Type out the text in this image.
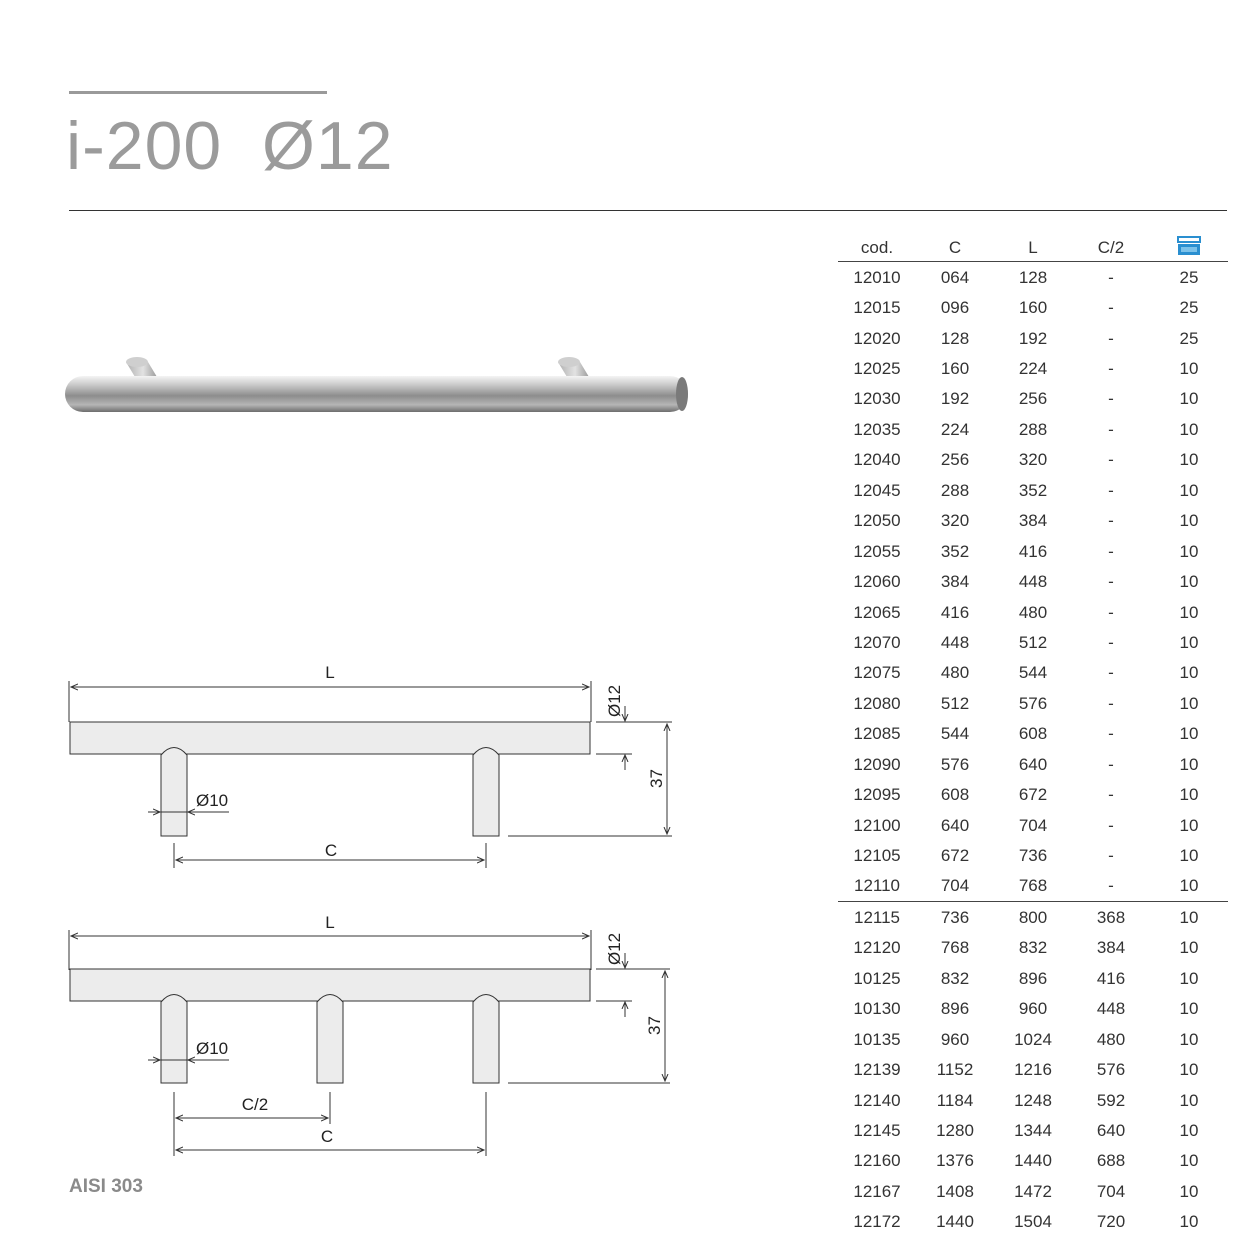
i-200  Ø12
L
Ø10
C
Ø12
37
L
Ø10
C/2
C
Ø12
37
AISI 303
cod.	C	L	C/2	
12010	064	128	-	25
12015	096	160	-	25
12020	128	192	-	25
12025	160	224	-	10
12030	192	256	-	10
12035	224	288	-	10
12040	256	320	-	10
12045	288	352	-	10
12050	320	384	-	10
12055	352	416	-	10
12060	384	448	-	10
12065	416	480	-	10
12070	448	512	-	10
12075	480	544	-	10
12080	512	576	-	10
12085	544	608	-	10
12090	576	640	-	10
12095	608	672	-	10
12100	640	704	-	10
12105	672	736	-	10
12110	704	768	-	10
12115	736	800	368	10
12120	768	832	384	10
10125	832	896	416	10
10130	896	960	448	10
10135	960	1024	480	10
12139	1152	1216	576	10
12140	1184	1248	592	10
12145	1280	1344	640	10
12160	1376	1440	688	10
12167	1408	1472	704	10
12172	1440	1504	720	10
